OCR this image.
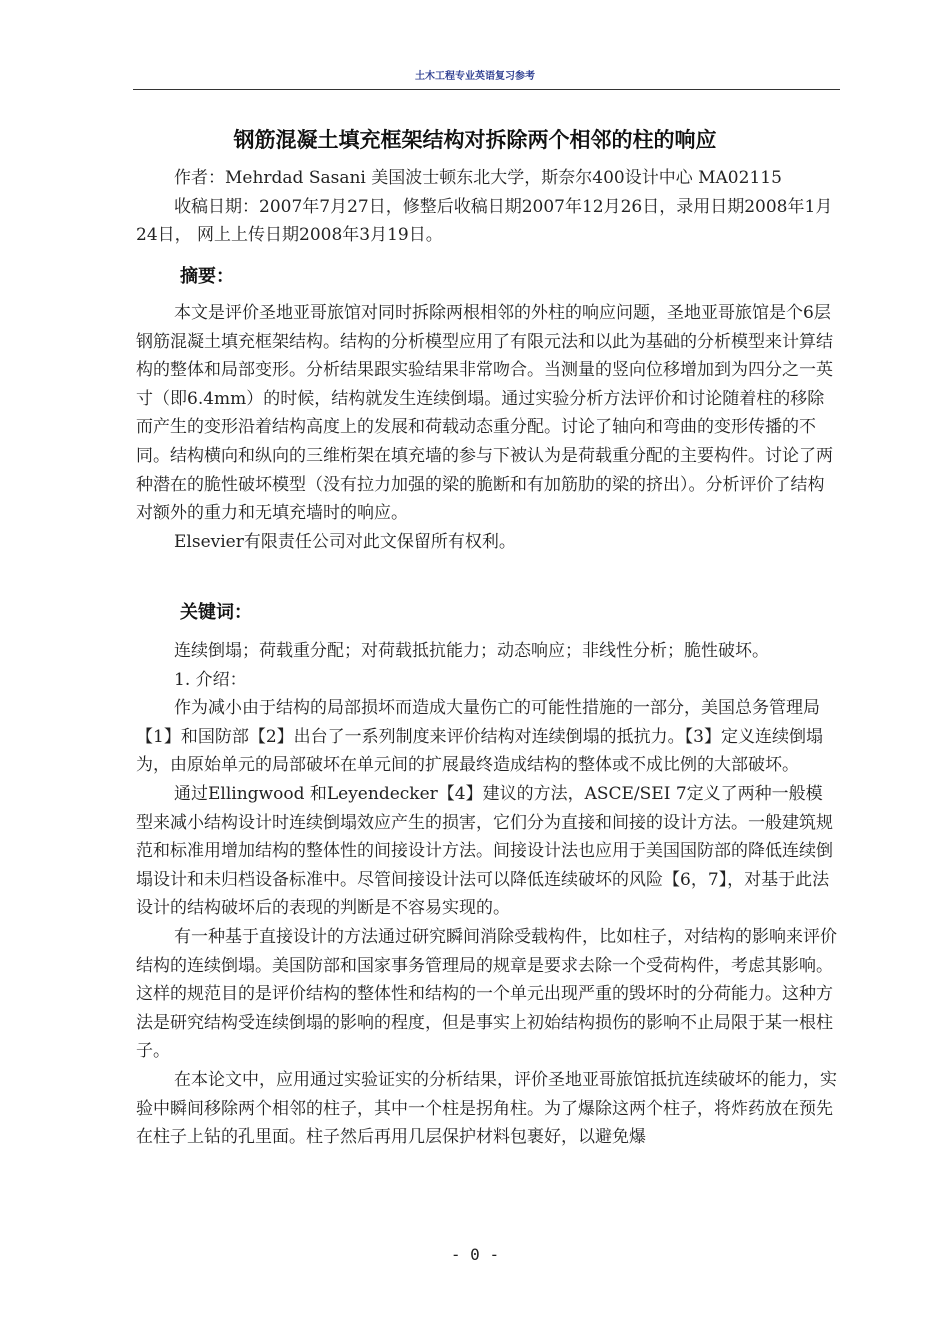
土木工程专业英语复习参考
钢筋混凝土填充框架结构对拆除两个相邻的柱的响应

作者：Mehrdad Sasani 美国波士顿东北大学，斯奈尔400设计中心 MA02115

收稿日期：2007年7月27日，修整后收稿日期2007年12月26日，录用日期2008年1月24日， 网上上传日期2008年3月19日。

摘要：

本文是评价圣地亚哥旅馆对同时拆除两根相邻的外柱的响应问题，圣地亚哥旅馆是个6层钢筋混凝土填充框架结构。结构的分析模型应用了有限元法和以此为基础的分析模型来计算结构的整体和局部变形。分析结果跟实验结果非常吻合。当测量的竖向位移增加到为四分之一英寸（即6.4mm）的时候，结构就发生连续倒塌。通过实验分析方法评价和讨论随着柱的移除而产生的变形沿着结构高度上的发展和荷载动态重分配。讨论了轴向和弯曲的变形传播的不同。结构横向和纵向的三维桁架在填充墙的参与下被认为是荷载重分配的主要构件。讨论了两种潜在的脆性破坏模型（没有拉力加强的梁的脆断和有加筋肋的梁的挤出）。分析评价了结构对额外的重力和无填充墙时的响应。

Elsevier有限责任公司对此文保留所有权利。

关键词：

连续倒塌；荷载重分配；对荷载抵抗能力；动态响应；非线性分析；脆性破坏。

1. 介绍：

作为减小由于结构的局部损坏而造成大量伤亡的可能性措施的一部分，美国总务管理局【1】和国防部【2】出台了一系列制度来评价结构对连续倒塌的抵抗力。【3】定义连续倒塌为，由原始单元的局部破坏在单元间的扩展最终造成结构的整体或不成比例的大部破坏。

通过Ellingwood 和Leyendecker【4】建议的方法，ASCE/SEI 7定义了两种一般模型来减小结构设计时连续倒塌效应产生的损害，它们分为直接和间接的设计方法。一般建筑规范和标准用增加结构的整体性的间接设计方法。间接设计法也应用于美国国防部的降低连续倒塌设计和未归档设备标准中。尽管间接设计法可以降低连续破坏的风险【6，7】，对基于此法设计的结构破坏后的表现的判断是不容易实现的。

有一种基于直接设计的方法通过研究瞬间消除受载构件，比如柱子，对结构的影响来评价结构的连续倒塌。美国防部和国家事务管理局的规章是要求去除一个受荷构件，考虑其影响。这样的规范目的是评价结构的整体性和结构的一个单元出现严重的毁坏时的分荷能力。这种方法是研究结构受连续倒塌的影响的程度，但是事实上初始结构损伤的影响不止局限于某一根柱子。

在本论文中，应用通过实验证实的分析结果，评价圣地亚哥旅馆抵抗连续破坏的能力，实验中瞬间移除两个相邻的柱子，其中一个柱是拐角柱。为了爆除这两个柱子，将炸药放在预先在柱子上钻的孔里面。柱子然后再用几层保护材料包裹好，以避免爆

- 0 -
